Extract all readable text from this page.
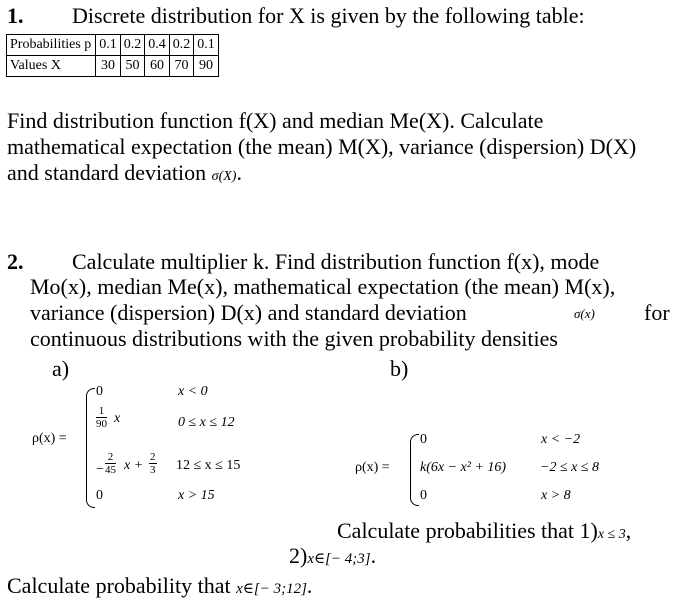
1. Discrete distribution for X is given by the following table:
Probabilities p	0.1	0.2	0.4	0.2	0.1
Values X	30	50	60	70	90
Find distribution function f(X) and median Me(X). Calculate
mathematical expectation (the mean) M(X), variance (dispersion) D(X)
and standard deviation σ(X).
2. Calculate multiplier k. Find distribution function f(x), mode
Mo(x), median Me(x), mathematical expectation (the mean) M(x),
variance (dispersion) D(x) and standard deviation	σ(x) for
continuous distributions with the given probability densities
a)	b)
ρ(x) =
0	x < 0
$\frac{1}{90}$ x	0 ≤ x ≤ 12
− $\frac{2}{45}$ $x + \frac{2}{3} 12 \le x \le 15$
0	x > 15
ρ(x) =
0	x < −2
k(6x − x² + 16) −2 ≤ x ≤ 8
0	x > 8
Calculate probabilities that 1)x ≤ 3,
2)x∈[− 4;3].
Calculate probability that x∈[− 3;12].
